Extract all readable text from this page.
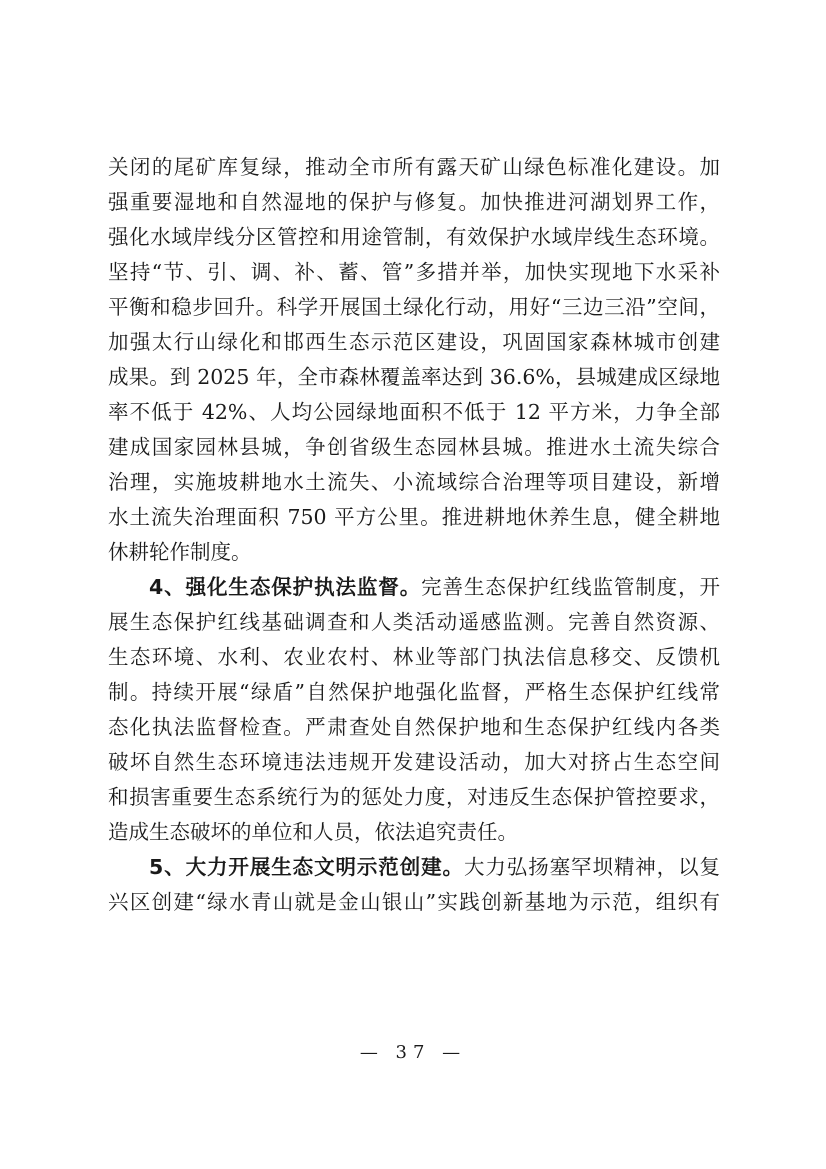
关闭的尾矿库复绿，推动全市所有露天矿山绿色标准化建设。加
强重要湿地和自然湿地的保护与修复。加快推进河湖划界工作，
强化水域岸线分区管控和用途管制，有效保护水域岸线生态环境。
坚持“节、引、调、补、蓄、管”多措并举，加快实现地下水采补
平衡和稳步回升。科学开展国土绿化行动，用好“三边三沿”空间，
加强太行山绿化和邯西生态示范区建设，巩固国家森林城市创建
成果。到 2025 年，全市森林覆盖率达到 36.6%，县城建成区绿地
率不低于 42%、人均公园绿地面积不低于 12 平方米，力争全部
建成国家园林县城，争创省级生态园林县城。推进水土流失综合
治理，实施坡耕地水土流失、小流域综合治理等项目建设，新增
水土流失治理面积 750 平方公里。推进耕地休养生息，健全耕地
休耕轮作制度。
4、强化生态保护执法监督。完善生态保护红线监管制度，开
展生态保护红线基础调查和人类活动遥感监测。完善自然资源、
生态环境、水利、农业农村、林业等部门执法信息移交、反馈机
制。持续开展“绿盾”自然保护地强化监督，严格生态保护红线常
态化执法监督检查。严肃查处自然保护地和生态保护红线内各类
破坏自然生态环境违法违规开发建设活动，加大对挤占生态空间
和损害重要生态系统行为的惩处力度，对违反生态保护管控要求，
造成生态破坏的单位和人员，依法追究责任。
5、大力开展生态文明示范创建。大力弘扬塞罕坝精神，以复
兴区创建“绿水青山就是金山银山”实践创新基地为示范，组织有
— 37 —
